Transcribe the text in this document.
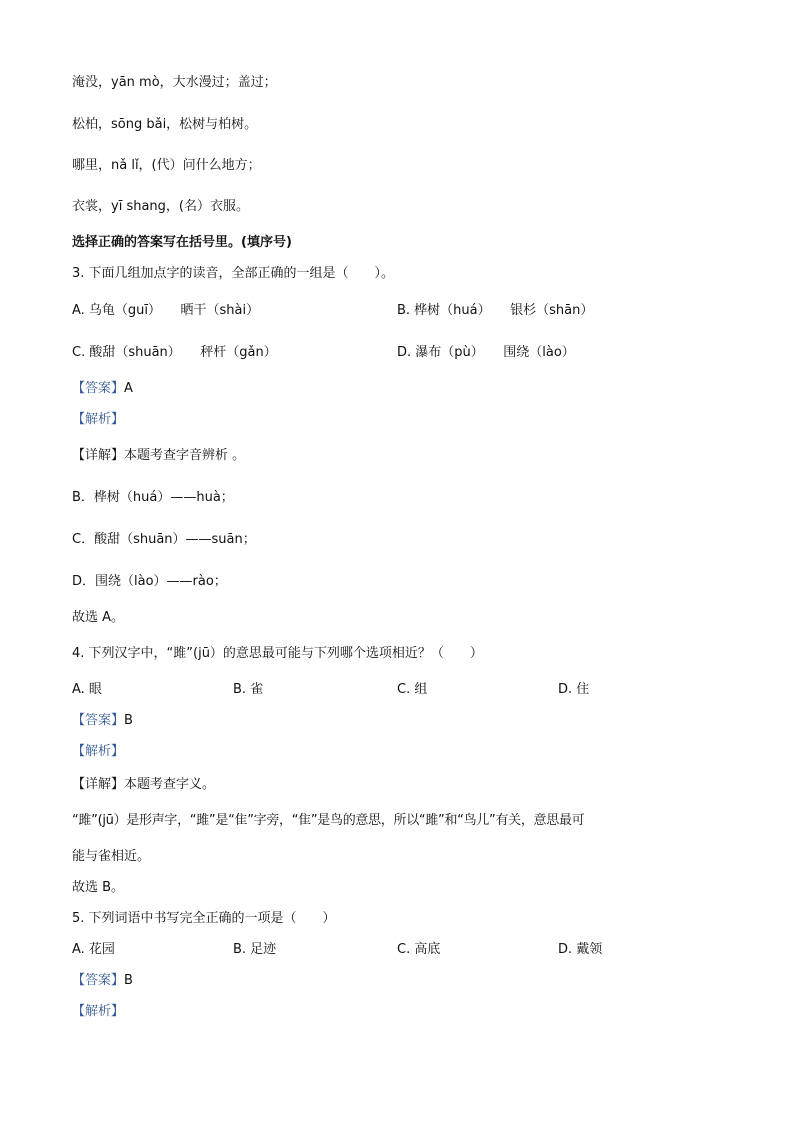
淹没，yān mò，大水漫过；盖过；
松柏，sōng bǎi，松树与柏树。
哪里，nǎ lǐ，(代）问什么地方；
衣裳，yī shang，(名）衣服。
选择正确的答案写在括号里。(填序号)
3. 下面几组加点字的读音，全部正确的一组是（　　）。
A. 乌龟（guī）　　晒干（shài）	B. 桦树（huá）　　银杉（shān）
C. 酸甜（shuān）　　秤杆（gǎn）	D. 瀑布（pù）　　围绕（lào）
【答案】A
【解析】
【详解】本题考查字音辨析 。
B．桦树（huá）——huà；
C．酸甜（shuān）——suān；
D．围绕（lào）——rào；
故选 A。
4. 下列汉字中，“雎”(jū）的意思最可能与下列哪个选项相近？（　　）
A. 眼	B. 雀	C. 组	D. 住
【答案】B
【解析】
【详解】本题考查字义。
“雎”(jū）是形声字，“雎”是“隹”字旁，“隹”是鸟的意思，所以“雎”和“鸟儿”有关，意思最可
能与雀相近。
故选 B。
5. 下列词语中书写完全正确的一项是（　　）
A. 花园	B. 足迹	C. 高底	D. 戴领
【答案】B
【解析】
